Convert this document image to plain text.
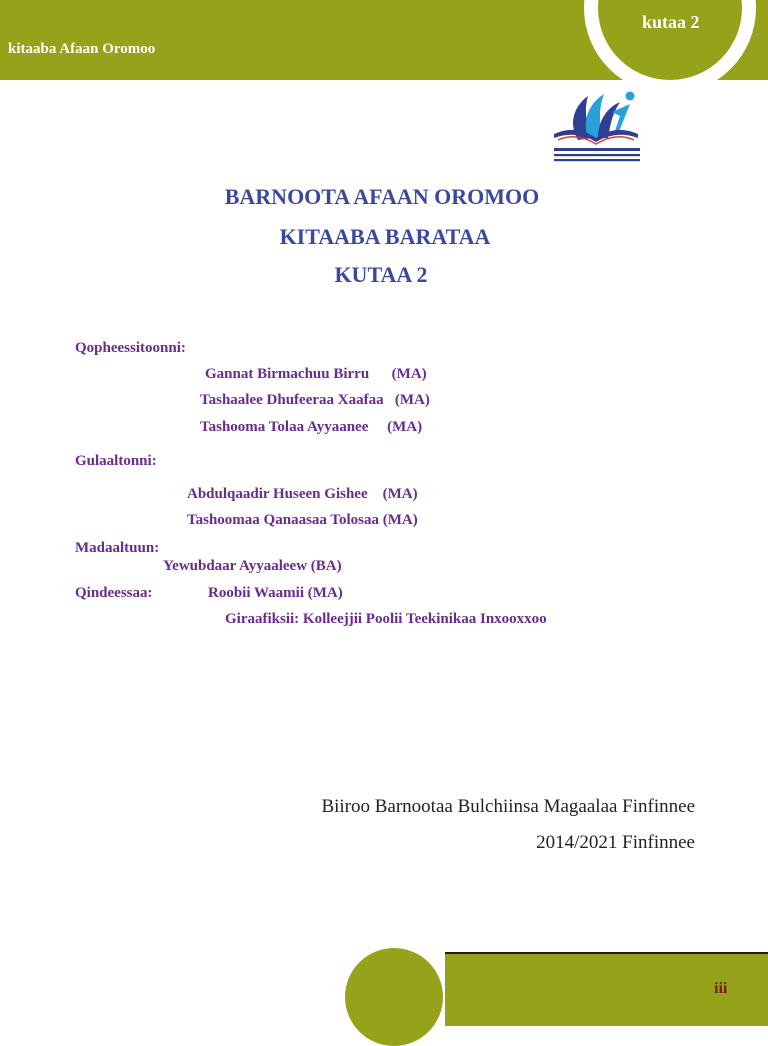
kitaaba Afaan Oromoo
kutaa 2
BARNOOTA AFAAN OROMOO
KITAABA BARATAA
KUTAA 2
Qopheessitoonni:
Gannat Birmachuu Birru      (MA)
Tashaalee Dhufeeraa Xaafaa   (MA)
Tashooma Tolaa Ayyaanee     (MA)
Gulaaltonni:
Abdulqaadir Huseen Gishee    (MA)
Tashoomaa Qanaasaa Tolosaa (MA)
Madaaltuun:
Yewubdaar Ayyaaleew (BA)
Qindeessaa:	Roobii Waamii (MA)
Giraafiksii: Kolleejjii Poolii Teekinikaa Inxooxxoo
Biiroo Barnootaa Bulchiinsa Magaalaa Finfinnee
2014/2021 Finfinnee
iii
